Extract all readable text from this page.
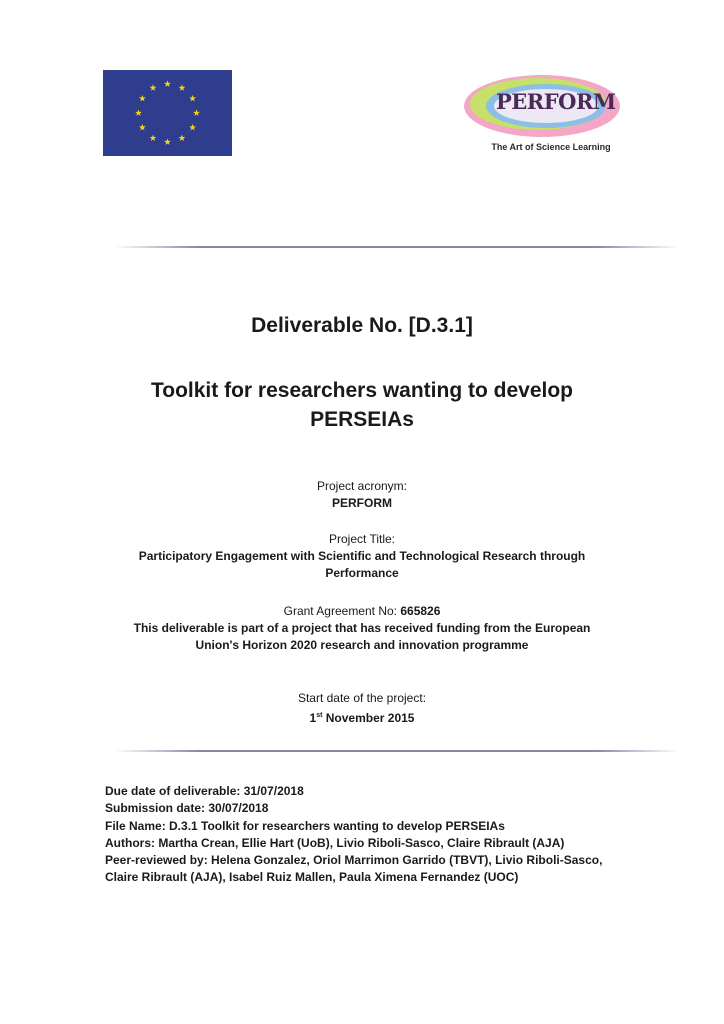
PERFORM
The Art of Science Learning
Deliverable No. [D.3.1]
Toolkit for researchers wanting to develop
PERSEIAs
Project acronym:
PERFORM
Project Title:
Participatory Engagement with Scientific and Technological Research through
Performance
Grant Agreement No: 665826
This deliverable is part of a project that has received funding from the European
Union's Horizon 2020 research and innovation programme
Start date of the project:
1st November 2015
Due date of deliverable: 31/07/2018
Submission date: 30/07/2018
File Name: D.3.1 Toolkit for researchers wanting to develop PERSEIAs
Authors: Martha Crean, Ellie Hart (UoB), Livio Riboli-Sasco, Claire Ribrault (AJA)
Peer-reviewed by: Helena Gonzalez, Oriol Marrimon Garrido (TBVT), Livio Riboli-Sasco,
Claire Ribrault (AJA), Isabel Ruiz Mallen, Paula Ximena Fernandez (UOC)
